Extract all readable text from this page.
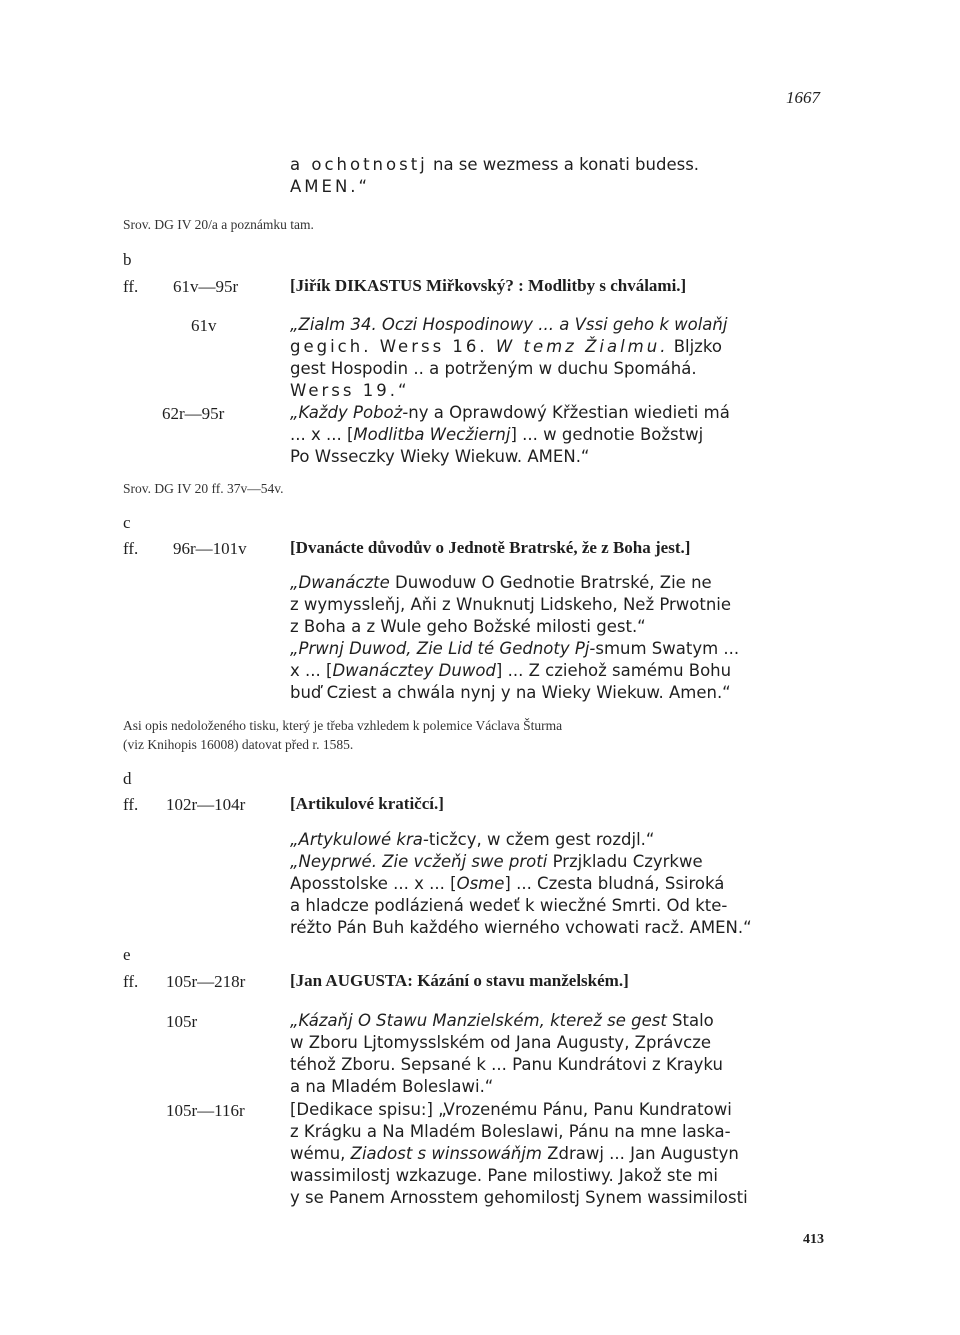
1667
a ochotnostj na se wezmess a konati budess.
AMEN.“
Srov. DG IV 20/a a poznámku tam.
b
ff. 61v—95r	[Jiřík DIKASTUS Miřkovský? : Modlitby s chválami.]
61v	„Zialm 34. Oczi Hospodinowy ... a Vssi geho k wolaňj
gegich. Werss 16. W temz Žialmu. Bljzko
gest Hospodin .. a potrženým w duchu Spomáhá.
Werss 19.“
62r—95r	„Každy Poboż-ny a Oprawdowý Křžestian wiedieti má
... x ... [Modlitba Wecžiernj] ... w gednotie Božstwj
Po Wsseczky Wieky Wiekuw. AMEN.“
Srov. DG IV 20 ff. 37v—54v.
c
ff. 96r—101v	[Dvanácte důvodův o Jednotě Bratrské, že z Boha jest.]
„Dwanáczte Duwoduw O Gednotie Bratrské, Zie ne
z wymyssleňj, Aňi z Wnuknutj Lidskeho, Než Prwotnie
z Boha a z Wule geho Božské milosti gest.“
„Prwnj Duwod, Zie Lid té Gednoty Pj-smum Swatym ...
x ... [Dwanácztey Duwod] ... Z cziehož samému Bohu
buď Cziest a chwála nynj y na Wieky Wiekuw. Amen.“
Asi opis nedoloženého tisku, který je třeba vzhledem k polemice Václava Šturma
(viz Knihopis 16008) datovat před r. 1585.
d
ff. 102r—104r	[Artikulové kratičcí.]
„Artykulowé kra-ticžcy, w cžem gest rozdjl.“
„Neyprwé. Zie vcžeňj swe proti Przjkladu Czyrkwe
Aposstolske ... x ... [Osme] ... Czesta bludná, Ssiroká
a hladcze podláziená wedeť k wiecžné Smrti. Od kte-
réžto Pán Buh každého wierného vchowati racž. AMEN.“
e
ff. 105r—218r	[Jan AUGUSTA: Kázání o stavu manželském.]
105r	„Kázaňj O Stawu Manzielském, kterež se gest Stalo
w Zboru Ljtomysslském od Jana Augusty, Zprávcze
téhož Zboru. Sepsané k ... Panu Kundrátovi z Krayku
a na Mladém Boleslawi.“
105r—116r	[Dedikace spisu:] „Vrozenému Pánu, Panu Kundratowi
z Krágku a Na Mladém Boleslawi, Pánu na mne laska-
wému, Ziadost s winssowáňjm Zdrawj ... Jan Augustyn
wassimilostj wzkazuge. Pane milostiwy. Jakož ste mi
y se Panem Arnosstem gehomilostj Synem wassimilosti
413
